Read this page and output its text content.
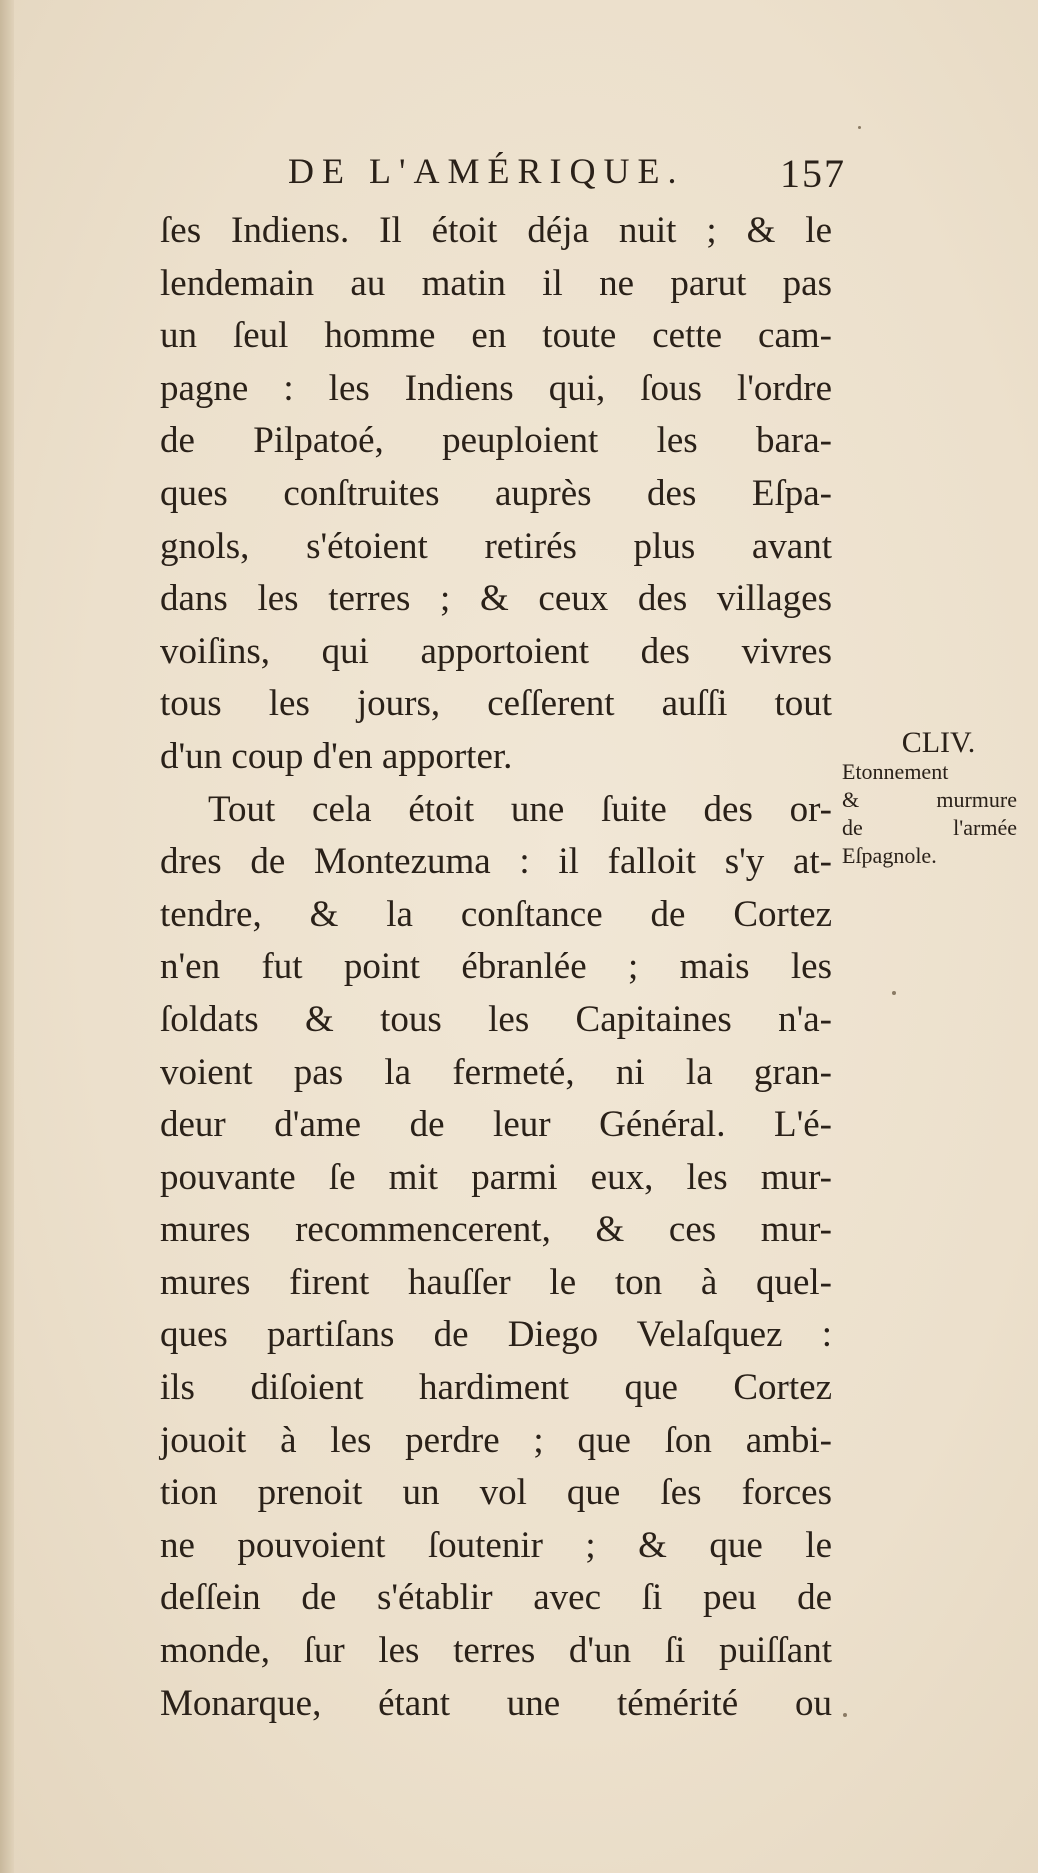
DE L'AMÉRIQUE. 157
ſes Indiens. Il étoit déja nuit ; & le
lendemain au matin il ne parut pas
un ſeul homme en toute cette cam-
pagne : les Indiens qui, ſous l'ordre
de Pilpatoé, peuploient les bara-
ques conſtruites auprès des Eſpa-
gnols, s'étoient retirés plus avant
dans les terres ; & ceux des villages
voiſins, qui apportoient des vivres
tous les jours, ceſſerent auſſi tout
d'un coup d'en apporter.
Tout cela étoit une ſuite des or-
dres de Montezuma : il falloit s'y at-
tendre, & la conſtance de Cortez
n'en fut point ébranlée ; mais les
ſoldats & tous les Capitaines n'a-
voient pas la fermeté, ni la gran-
deur d'ame de leur Général. L'é-
pouvante ſe mit parmi eux, les mur-
mures recommencerent, & ces mur-
mures firent hauſſer le ton à quel-
ques partiſans de Diego Velaſquez :
ils diſoient hardiment que Cortez
jouoit à les perdre ; que ſon ambi-
tion prenoit un vol que ſes forces
ne pouvoient ſoutenir ; & que le
deſſein de s'établir avec ſi peu de
monde, ſur les terres d'un ſi puiſſant
Monarque, étant une témérité ou
CLIV.
Etonnement
& murmure
de l'armée
Eſpagnole.
